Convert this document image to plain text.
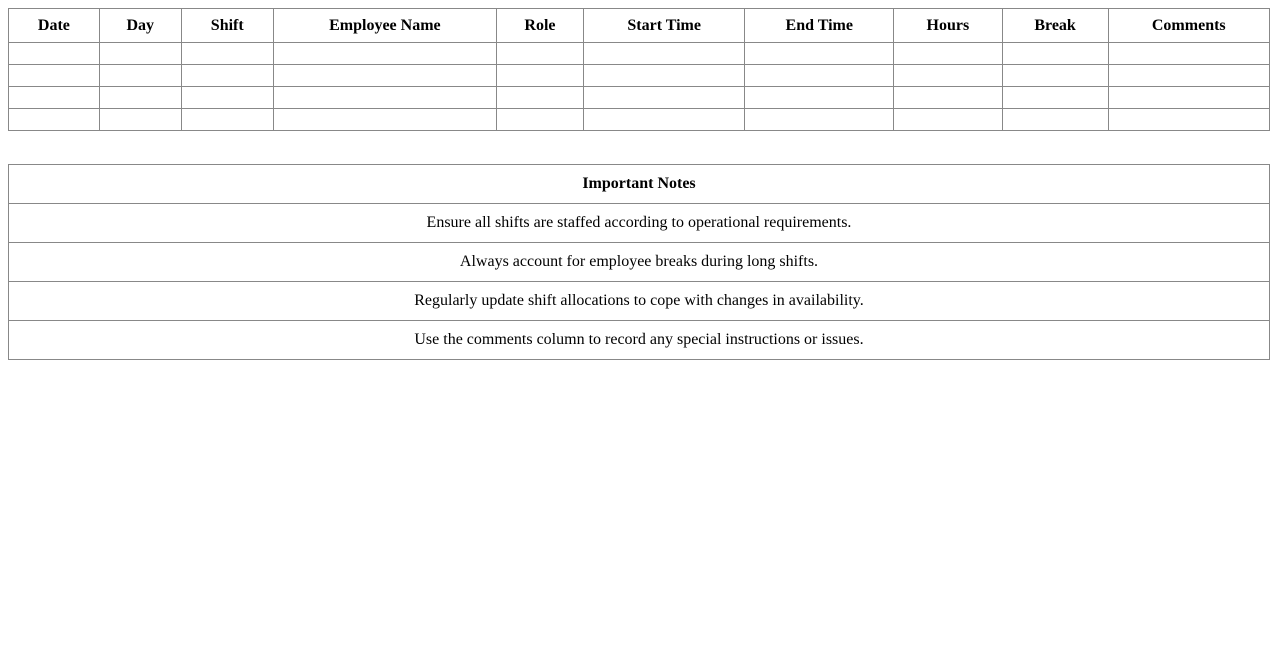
Date	Day	Shift	Employee Name	Role	Start Time	End Time	Hours	Break	Comments

Important Notes
Ensure all shifts are staffed according to operational requirements.
Always account for employee breaks during long shifts.
Regularly update shift allocations to cope with changes in availability.
Use the comments column to record any special instructions or issues.
